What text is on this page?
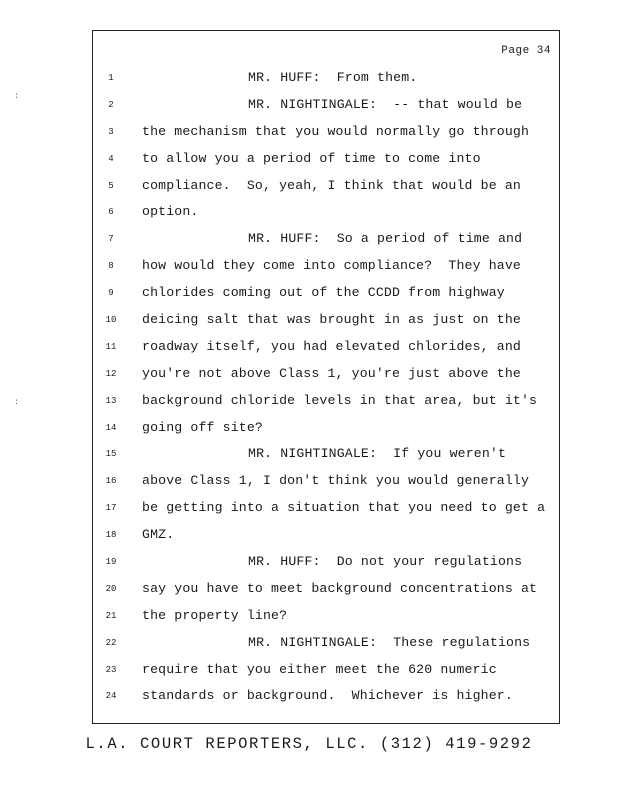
Page 34
1	MR. HUFF:  From them.
2	MR. NIGHTINGALE:  -- that would be
3	the mechanism that you would normally go through
4	to allow you a period of time to come into
5	compliance.  So, yeah, I think that would be an
6	option.
7	MR. HUFF:  So a period of time and
8	how would they come into compliance?  They have
9	chlorides coming out of the CCDD from highway
10 deicing salt that was brought in as just on the
11 roadway itself, you had elevated chlorides, and
12 you're not above Class 1, you're just above the
13 background chloride levels in that area, but it's
14 going off site?
15	MR. NIGHTINGALE:  If you weren't
16 above Class 1, I don't think you would generally
17 be getting into a situation that you need to get a
18 GMZ.
19	MR. HUFF:  Do not your regulations
20 say you have to meet background concentrations at
21 the property line?
22	MR. NIGHTINGALE:  These regulations
23 require that you either meet the 620 numeric
24 standards or background.  Whichever is higher.
L.A. COURT REPORTERS, LLC. (312) 419-9292
:
:
